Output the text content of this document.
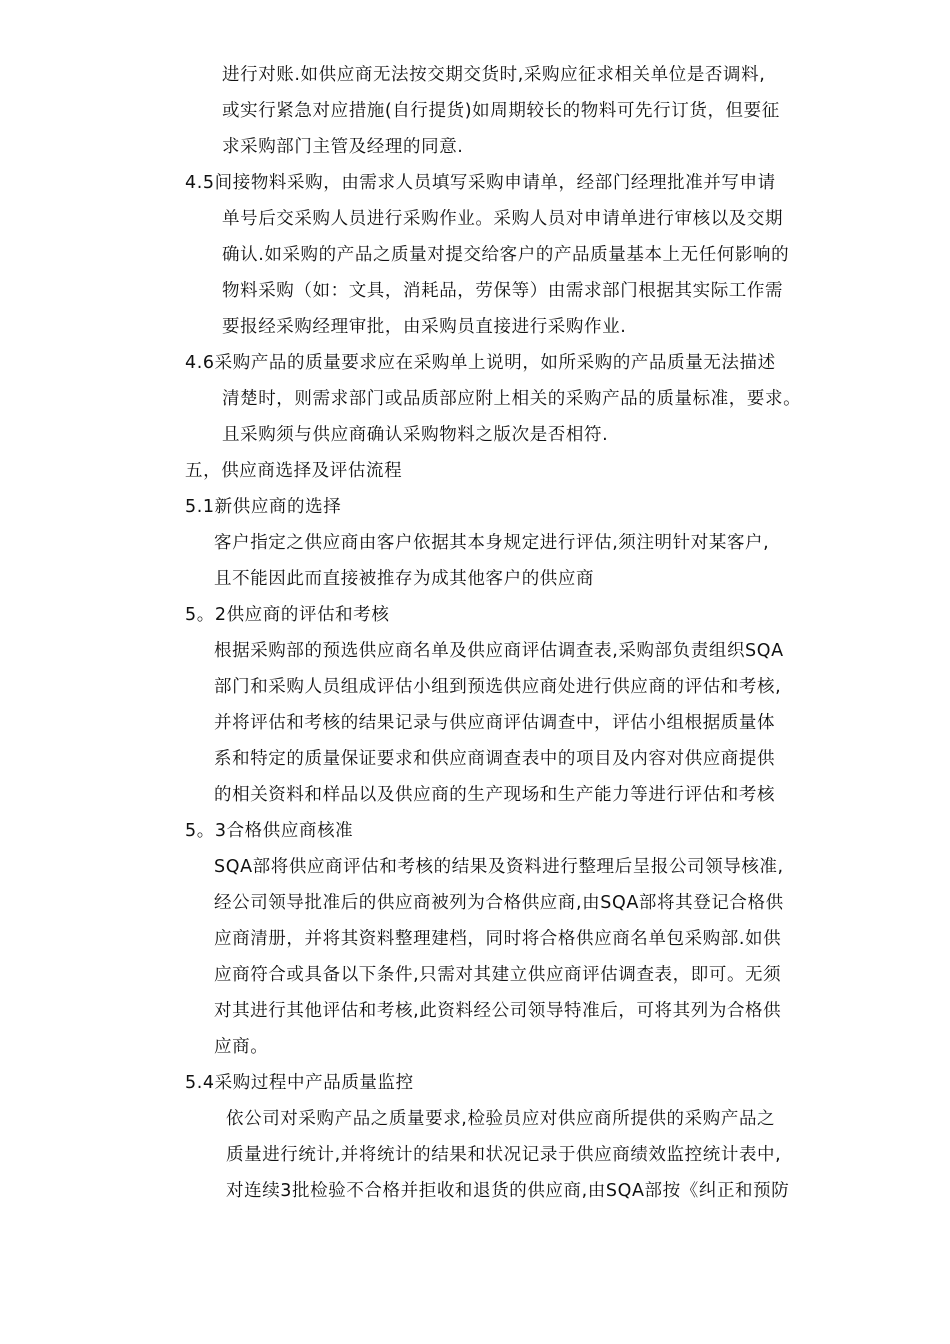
进行对账.如供应商无法按交期交货时,采购应征求相关单位是否调料,
或实行紧急对应措施(自行提货)如周期较长的物料可先行订货，但要征
求采购部门主管及经理的同意.
4.5间接物料采购，由需求人员填写采购申请单，经部门经理批准并写申请
单号后交采购人员进行采购作业。采购人员对申请单进行审核以及交期
确认.如采购的产品之质量对提交给客户的产品质量基本上无任何影响的
物料采购（如：文具，消耗品，劳保等）由需求部门根据其实际工作需
要报经采购经理审批，由采购员直接进行采购作业.
4.6采购产品的质量要求应在采购单上说明，如所采购的产品质量无法描述
清楚时，则需求部门或品质部应附上相关的采购产品的质量标准，要求。
且采购须与供应商确认采购物料之版次是否相符.
五，供应商选择及评估流程
5.1新供应商的选择
客户指定之供应商由客户依据其本身规定进行评估,须注明针对某客户,
且不能因此而直接被推存为成其他客户的供应商
5。2供应商的评估和考核
根据采购部的预选供应商名单及供应商评估调查表,采购部负责组织SQA
部门和采购人员组成评估小组到预选供应商处进行供应商的评估和考核,
并将评估和考核的结果记录与供应商评估调查中，评估小组根据质量体
系和特定的质量保证要求和供应商调查表中的项目及内容对供应商提供
的相关资料和样品以及供应商的生产现场和生产能力等进行评估和考核
5。3合格供应商核准
SQA部将供应商评估和考核的结果及资料进行整理后呈报公司领导核准,
经公司领导批准后的供应商被列为合格供应商,由SQA部将其登记合格供
应商清册，并将其资料整理建档，同时将合格供应商名单包采购部.如供
应商符合或具备以下条件,只需对其建立供应商评估调查表，即可。无须
对其进行其他评估和考核,此资料经公司领导特准后，可将其列为合格供
应商。
5.4采购过程中产品质量监控
依公司对采购产品之质量要求,检验员应对供应商所提供的采购产品之
质量进行统计,并将统计的结果和状况记录于供应商绩效监控统计表中,
对连续3批检验不合格并拒收和退货的供应商,由SQA部按《纠正和预防
